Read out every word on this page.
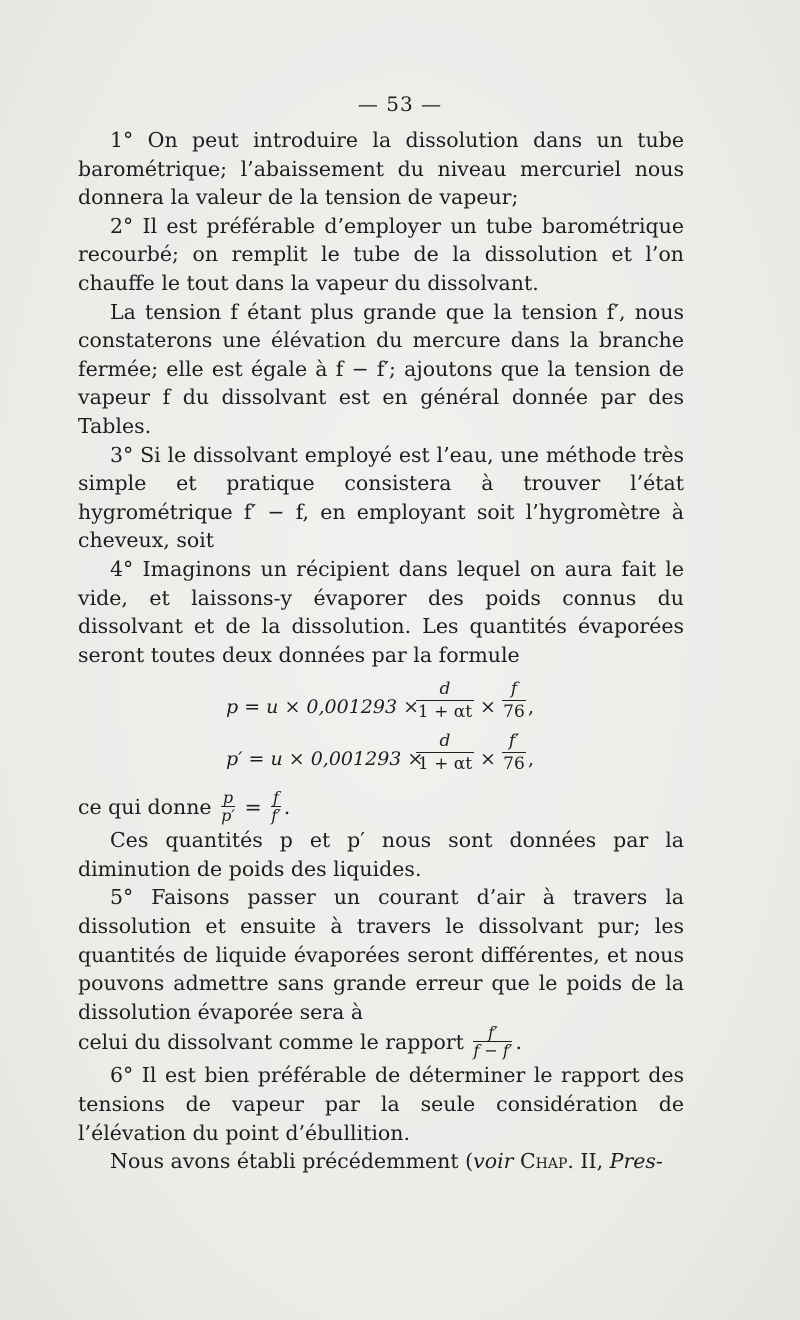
— 53 —

1° On peut introduire la dissolution dans un tube barométrique; l’abaissement du niveau mercuriel nous donnera la valeur de la tension de vapeur;

2° Il est préférable d’employer un tube barométrique recourbé; on remplit le tube de la dissolution et l’on chauffe le tout dans la vapeur du dissolvant.

La tension f étant plus grande que la tension f′, nous constaterons une élévation du mercure dans la branche fermée; elle est égale à f − f′; ajoutons que la tension de vapeur f du dissolvant est en général donnée par des Tables.

3° Si le dissolvant employé est l’eau, une méthode très simple et pratique consistera à trouver l’état hygrométrique f′ − f, en employant soit l’hygromètre à cheveux, soit

4° Imaginons un récipient dans lequel on aura fait le vide, et laissons-y évaporer des poids connus du dissolvant et de la dissolution. Les quantités évaporées seront toutes deux données par la formule

p = u × 0,001293 ×
d
1 + αt ×
f
76 ,
p′ = u × 0,001293 ×
d
1 + αt ×
f′
76 ,

ce qui donne $\frac{p}{p'} = \frac{f}{f'}$ .

Ces quantités p et p′ nous sont données par la diminution de poids des liquides.

5° Faisons passer un courant d’air à travers la dissolution et ensuite à travers le dissolvant pur; les quantités de liquide évaporées seront différentes, et nous pouvons admettre sans grande erreur que le poids de la dissolution évaporée sera à

celui du dissolvant comme le rapport $\frac{f'}{f - f'}$ .

6° Il est bien préférable de déterminer le rapport des tensions de vapeur par la seule considération de l’élévation du point d’ébullition.

Nous avons établi précédemment (voir Chap. II, Pres-
